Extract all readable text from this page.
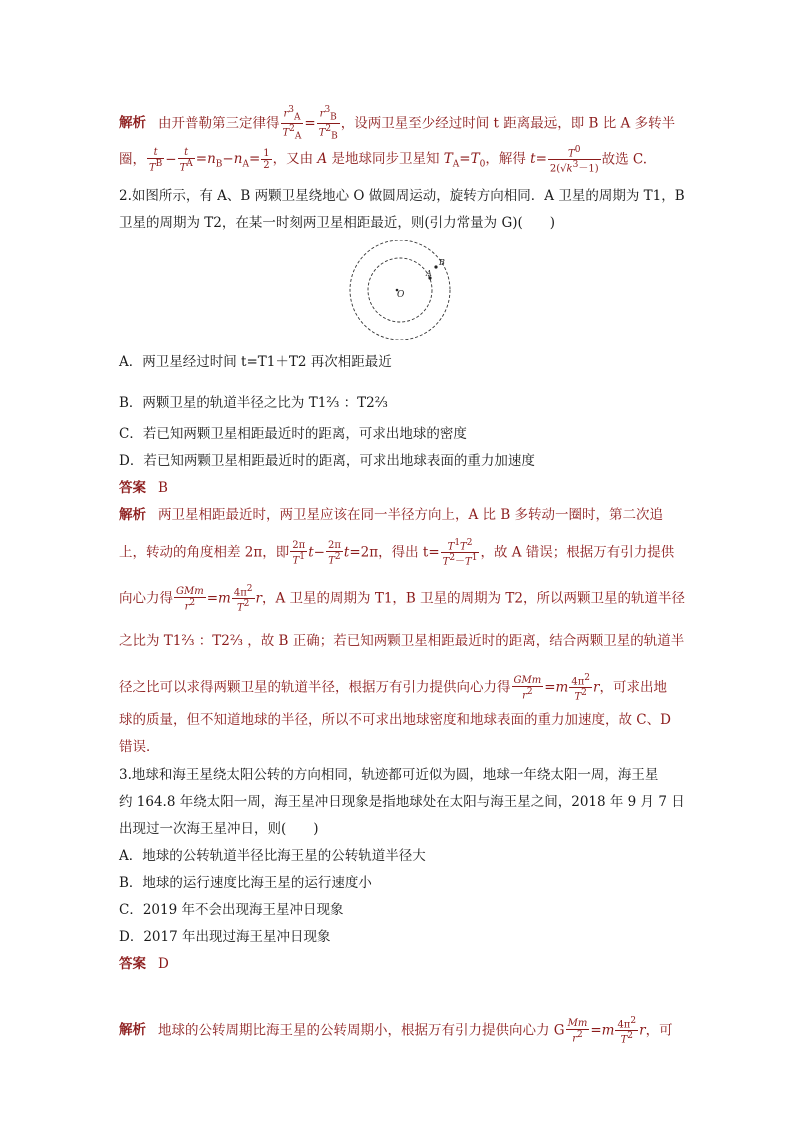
解析 由开普勒第三定律得 $\frac{r^3_A}{T^2_A} = \frac{r^3_B}{T^2_B}$ ，设两卫星至少经过时间 t 距离最远，即 B 比 A 多转半
圈， $\frac{t}{T^B} - \frac{t}{T^A} =n_B-n_A= \frac{1}{2}$ ，又由 A 是地球同步卫星知 $T_A=T_0$，解得 $t= \frac{T^0}{2(√k^3-1)}$ 故选 C.
2.如图所示，有 A、B 两颗卫星绕地心 O 做圆周运动，旋转方向相同．A 卫星的周期为 T1，B
卫星的周期为 T2，在某一时刻两卫星相距最近，则(引力常量为 G)(　　)
O
A
B
A．两卫星经过时间 t=T1＋T2 再次相距最近
B．两颗卫星的轨道半径之比为 T1⅔ ：T2⅔
C．若已知两颗卫星相距最近时的距离，可求出地球的密度
D．若已知两颗卫星相距最近时的距离，可求出地球表面的重力加速度
答案 B
解析 两卫星相距最近时，两卫星应该在同一半径方向上，A 比 B 多转动一圈时，第二次追
上，转动的角度相差 2π，即 $\frac{2\pi}{T^1} t- \frac{2\pi}{T^2} t=2\pi$，得出 $t= \frac{T^1T^2}{T^2-T^1}$ ，故 A 错误；根据万有引力提供
向心力得 $\frac{\text{GMm}}{r^2} =m \frac{4\pi^2}{T^2}$ r，A 卫星的周期为 T1，B 卫星的周期为 T2，所以两颗卫星的轨道半径
之比为 T1⅔ ：T2⅔ ，故 B 正确；若已知两颗卫星相距最近时的距离，结合两颗卫星的轨道半
径之比可以求得两颗卫星的轨道半径，根据万有引力提供向心力得 $\frac{\text{GMm}}{r^2} =m \frac{4\pi^2}{T^2}$ r，可求出地
球的质量，但不知道地球的半径，所以不可求出地球密度和地球表面的重力加速度，故 C、D
错误．
3.地球和海王星绕太阳公转的方向相同，轨迹都可近似为圆，地球一年绕太阳一周，海王星
约 164.8 年绕太阳一周，海王星冲日现象是指地球处在太阳与海王星之间，2018 年 9 月 7 日
出现过一次海王星冲日，则(　　)
A．地球的公转轨道半径比海王星的公转轨道半径大
B．地球的运行速度比海王星的运行速度小
C．2019 年不会出现海王星冲日现象
D．2017 年出现过海王星冲日现象
答案 D
解析 地球的公转周期比海王星的公转周期小，根据万有引力提供向心力 G $\frac{Mm}{r^2} =m \frac{4\pi^2}{T^2}$ r，可
